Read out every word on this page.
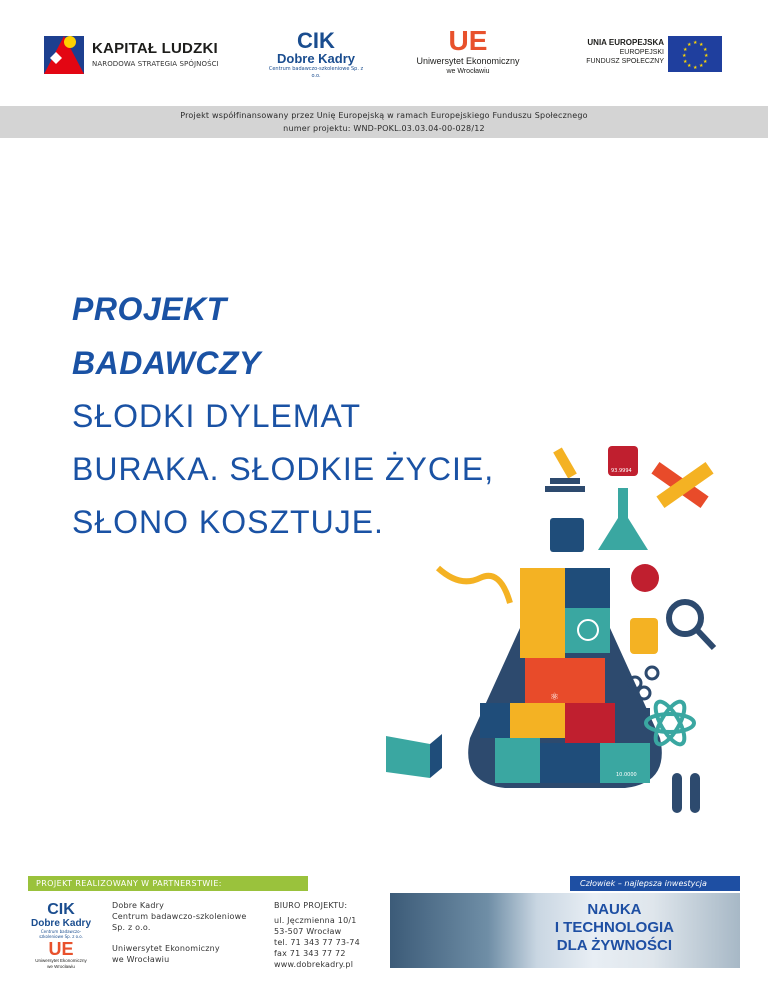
KAPITAŁ LUDZKI
NARODOWA STRATEGIA SPÓJNOŚCI
CIK
Dobre Kadry
Centrum badawczo-szkoleniowe Sp. z o.o.
UE
Uniwersytet Ekonomiczny
we Wrocławiu
UNIA EUROPEJSKA
EUROPEJSKI
FUNDUSZ SPOŁECZNY
★ ★
★
★
★
★
★
★
★
★
★
★
Projekt współfinansowany przez Unię Europejską w ramach Europejskiego Funduszu Społecznego
numer projektu: WND-POKL.03.03.04-00-028/12
PROJEKT
BADAWCZY
SŁODKI DYLEMAT
BURAKA. SŁODKIE ŻYCIE,
SŁONO KOSZTUJE.
⚛
93.9994
10.0000
PROJEKT REALIZOWANY W PARTNERSTWIE:	Człowiek – najlepsza inwestycja
CIK
Dobre Kadry
Centrum badawczo-szkoleniowe Sp. z o.o.
UE
Uniwersytet Ekonomiczny
we Wrocławiu
Dobre Kadry
Centrum badawczo-szkoleniowe
Sp. z o.o.
Uniwersytet Ekonomiczny
we Wrocławiu
BIURO PROJEKTU:
ul. Jęczmienna 10/1
53-507 Wrocław
tel. 71 343 77 73-74
fax 71 343 77 72
www.dobrekadry.pl
NAUKA
I TECHNOLOGIA
DLA ŻYWNOŚCI
